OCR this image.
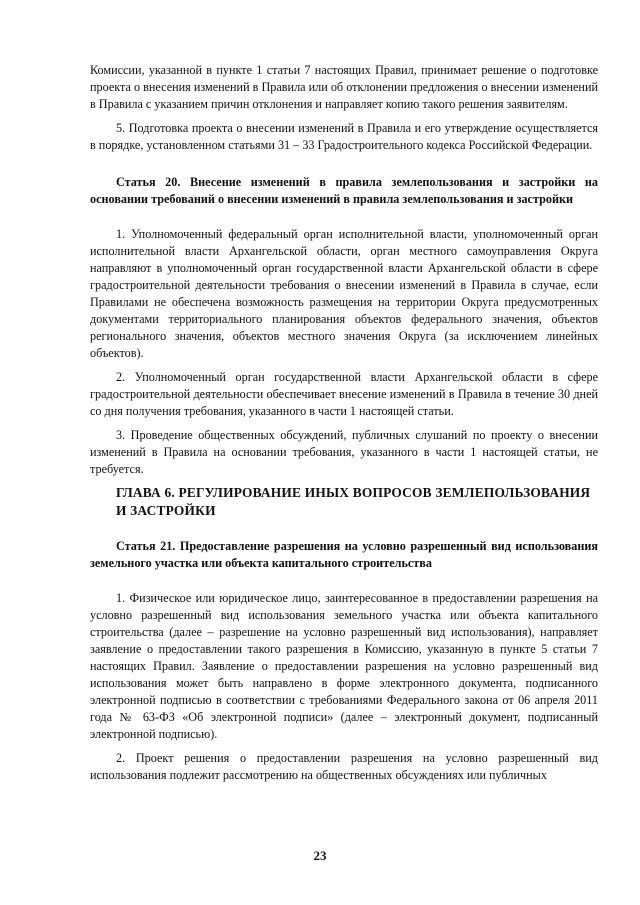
Комиссии, указанной в пункте 1 статьи 7 настоящих Правил, принимает решение о подготовке проекта о внесения изменений в Правила или об отклонении предложения о внесении изменений в Правила с указанием причин отклонения и направляет копию такого решения заявителям.

5. Подготовка проекта о внесении изменений в Правила и его утверждение осуществляется в порядке, установленном статьями 31 – 33 Градостроительного кодекса Российской Федерации.

Статья 20. Внесение изменений в правила землепользования и застройки на основании требований о внесении изменений в правила землепользования и застройки

1. Уполномоченный федеральный орган исполнительной власти, уполномоченный орган исполнительной власти Архангельской области, орган местного самоуправления Округа направляют в уполномоченный орган государственной власти Архангельской области в сфере градостроительной деятельности требования о внесении изменений в Правила в случае, если Правилами не обеспечена возможность размещения на территории Округа предусмотренных документами территориального планирования объектов федерального значения, объектов регионального значения, объектов местного значения Округа (за исключением линейных объектов).

2. Уполномоченный орган государственной власти Архангельской области в сфере градостроительной деятельности обеспечивает внесение изменений в Правила в течение 30 дней со дня получения требования, указанного в части 1 настоящей статьи.

3. Проведение общественных обсуждений, публичных слушаний по проекту о внесении изменений в Правила на основании требования, указанного в части 1 настоящей статьи, не требуется.

ГЛАВА 6. РЕГУЛИРОВАНИЕ ИНЫХ ВОПРОСОВ ЗЕМЛЕПОЛЬЗОВАНИЯ И ЗАСТРОЙКИ

Статья 21. Предоставление разрешения на условно разрешенный вид использования земельного участка или объекта капитального строительства

1. Физическое или юридическое лицо, заинтересованное в предоставлении разрешения на условно разрешенный вид использования земельного участка или объекта капитального строительства (далее – разрешение на условно разрешенный вид использования), направляет заявление о предоставлении такого разрешения в Комиссию, указанную в пункте 5 статьи 7 настоящих Правил. Заявление о предоставлении разрешения на условно разрешенный вид использования может быть направлено в форме электронного документа, подписанного электронной подписью в соответствии с требованиями Федерального закона от 06 апреля 2011 года № 63-ФЗ «Об электронной подписи» (далее – электронный документ, подписанный электронной подписью).

2. Проект решения о предоставлении разрешения на условно разрешенный вид использования подлежит рассмотрению на общественных обсуждениях или публичных

23
